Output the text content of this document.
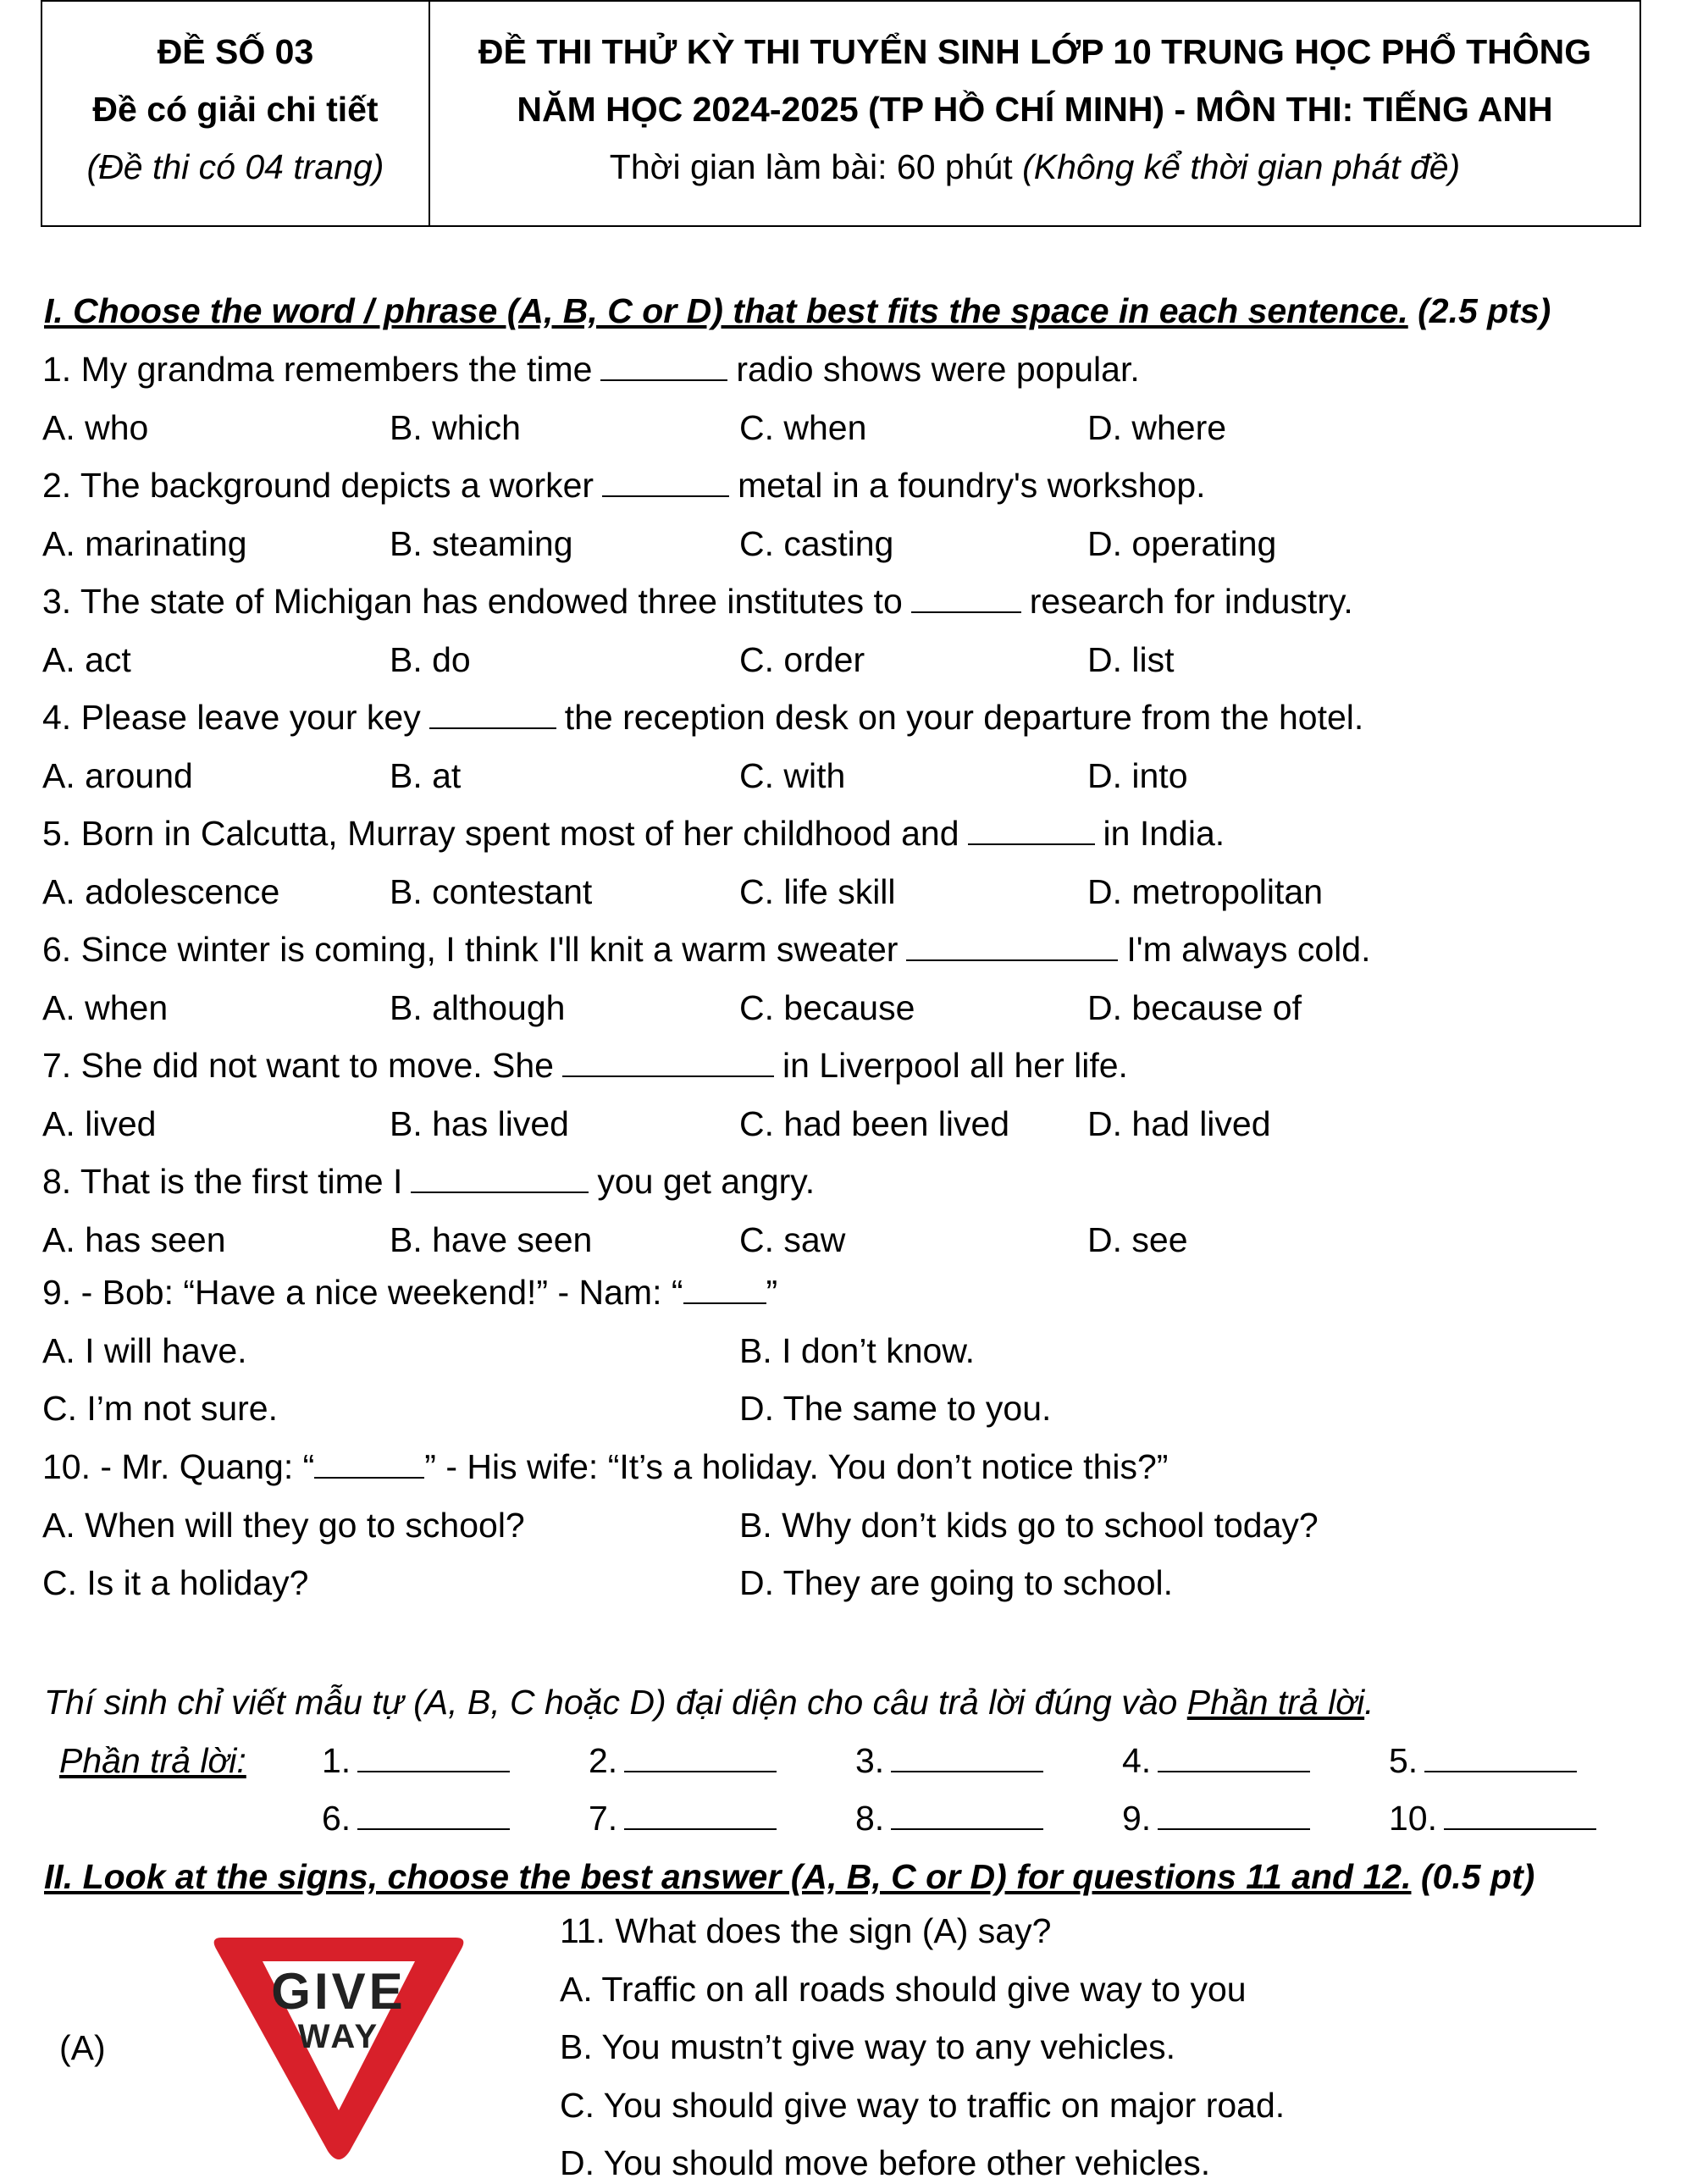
ĐỀ SỐ 03
Đề có giải chi tiết
(Đề thi có 04 trang)
ĐỀ THI THỬ KỲ THI TUYỂN SINH LỚP 10 TRUNG HỌC PHỔ THÔNG
NĂM HỌC 2024-2025 (TP HỒ CHÍ MINH) - MÔN THI: TIẾNG ANH
Thời gian làm bài: 60 phút (Không kể thời gian phát đề)
I. Choose the word / phrase (A, B, C or D) that best fits the space in each sentence. (2.5 pts)
1. My grandma remembers the time	radio shows were popular.
A. who	B. which	C. when	D. where
2. The background depicts a worker	metal in a foundry's workshop.
A. marinating	B. steaming	C. casting	D. operating
3. The state of Michigan has endowed three institutes to	research for industry.
A. act	B. do	C. order	D. list
4. Please leave your key	the reception desk on your departure from the hotel.
A. around	B. at	C. with	D. into
5. Born in Calcutta, Murray spent most of her childhood and	in India.
A. adolescence	B. contestant	C. life skill	D. metropolitan
6. Since winter is coming, I think I'll knit a warm sweater	I'm always cold.
A. when	B. although	C. because	D. because of
7. She did not want to move. She	in Liverpool all her life.
A. lived	B. has lived	C. had been lived D. had lived
8. That is the first time I	you get angry.
A. has seen	B. have seen	C. saw	D. see
9. - Bob: “Have a nice weekend!” - Nam: “ ”
A. I will have.	B. I don’t know.
C. I’m not sure.	D. The same to you.
10. - Mr. Quang: “	” - His wife: “It’s a holiday. You don’t notice this?”
A. When will they go to school?	B. Why don’t kids go to school today?
C. Is it a holiday?	D. They are going to school.
Thí sinh chỉ viết mẫu tự (A, B, C hoặc D) đại diện cho câu trả lời đúng vào Phần trả lời.
Phần trả lời: 1.	2.	3.	4.	5.
6.	7.	8.	9.	10.
II. Look at the signs, choose the best answer (A, B, C or D) for questions 11 and 12. (0.5 pt)
(A)
GIVE
WAY
11. What does the sign (A) say?
A. Traffic on all roads should give way to you
B. You mustn’t give way to any vehicles.
C. You should give way to traffic on major road.
D. You should move before other vehicles.
